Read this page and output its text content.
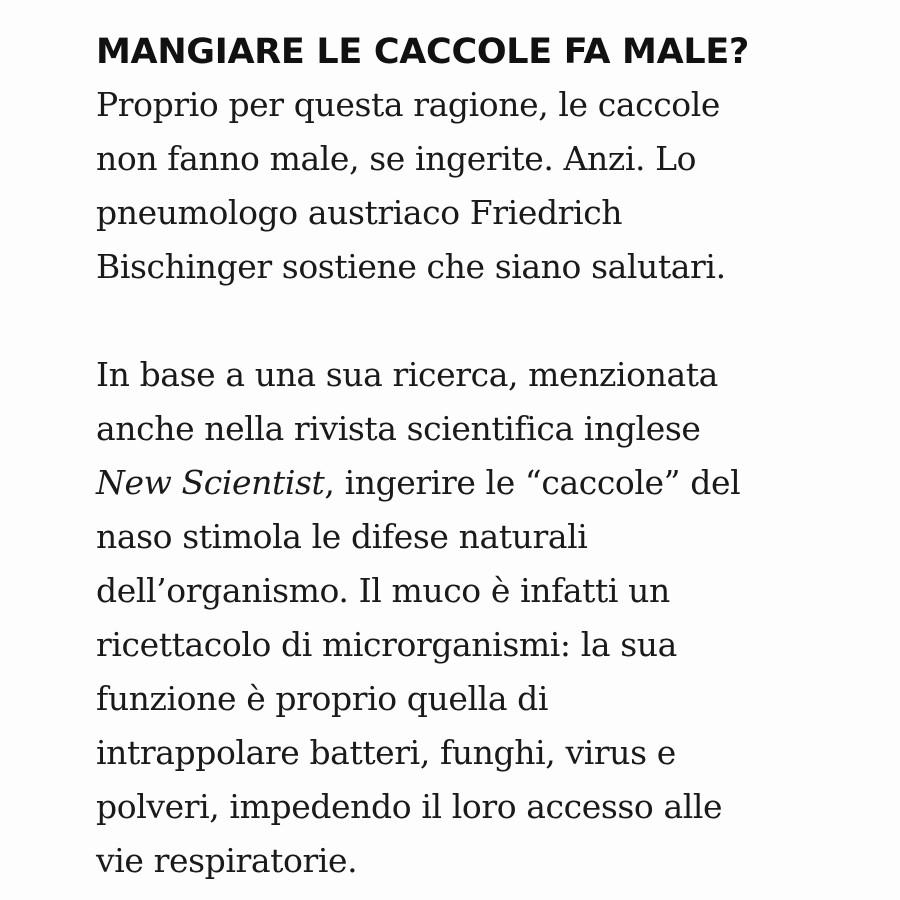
MANGIARE LE CACCOLE FA MALE?

Proprio per questa ragione, le caccole
non fanno male, se ingerite. Anzi. Lo
pneumologo austriaco Friedrich
Bischinger sostiene che siano salutari.

In base a una sua ricerca, menzionata
anche nella rivista scientifica inglese
New Scientist, ingerire le “caccole” del
naso stimola le difese naturali
dell’organismo. Il muco è infatti un
ricettacolo di microrganismi: la sua
funzione è proprio quella di
intrappolare batteri, funghi, virus e
polveri, impedendo il loro accesso alle
vie respiratorie.
